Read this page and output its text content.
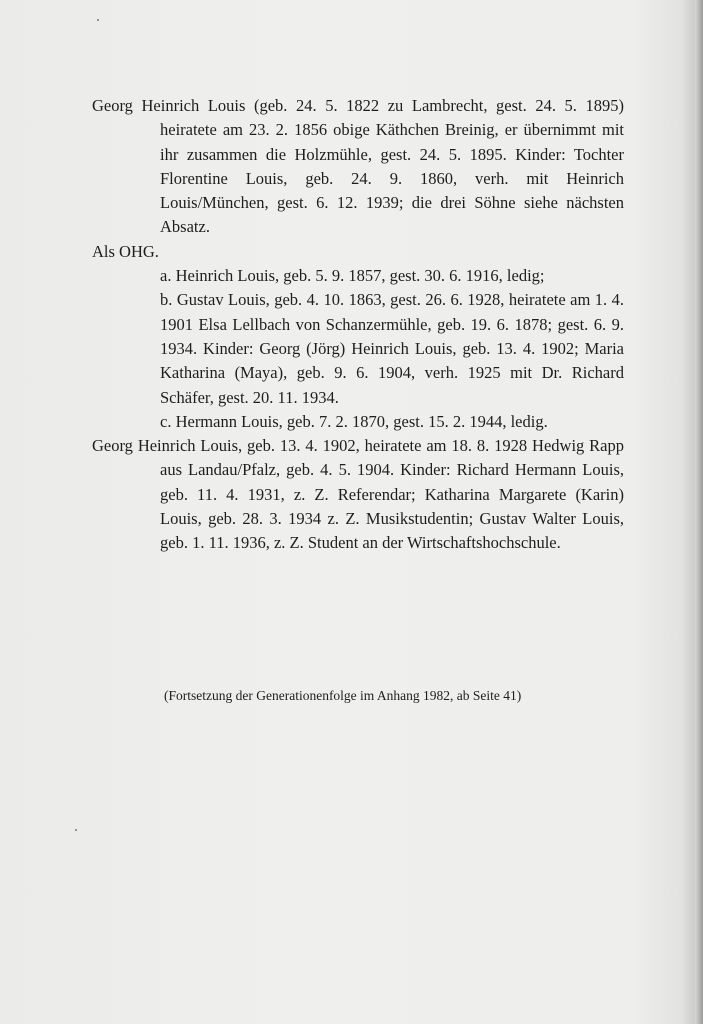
Georg Heinrich Louis (geb. 24. 5. 1822 zu Lambrecht, gest. 24. 5. 1895) heiratete am 23. 2. 1856 obige Käthchen Breinig, er übernimmt mit ihr zusammen die Holzmühle, gest. 24. 5. 1895. Kinder: Tochter Florentine Louis, geb. 24. 9. 1860, verh. mit Heinrich Louis/München, gest. 6. 12. 1939; die drei Söhne siehe nächsten Absatz.

Als OHG.

a. Heinrich Louis, geb. 5. 9. 1857, gest. 30. 6. 1916, ledig;

b. Gustav Louis, geb. 4. 10. 1863, gest. 26. 6. 1928, heiratete am 1. 4. 1901 Elsa Lellbach von Schanzermühle, geb. 19. 6. 1878; gest. 6. 9. 1934. Kinder: Georg (Jörg) Heinrich Louis, geb. 13. 4. 1902; Maria Katharina (Maya), geb. 9. 6. 1904, verh. 1925 mit Dr. Richard Schäfer, gest. 20. 11. 1934.

c. Hermann Louis, geb. 7. 2. 1870, gest. 15. 2. 1944, ledig.

Georg Heinrich Louis, geb. 13. 4. 1902, heiratete am 18. 8. 1928 Hedwig Rapp aus Landau/Pfalz, geb. 4. 5. 1904. Kinder: Richard Hermann Louis, geb. 11. 4. 1931, z. Z. Referendar; Katharina Margarete (Karin) Louis, geb. 28. 3. 1934 z. Z. Musikstudentin; Gustav Walter Louis, geb. 1. 11. 1936, z. Z. Student an der Wirtschaftshochschule.

(Fortsetzung der Generationenfolge im Anhang 1982, ab Seite 41)
